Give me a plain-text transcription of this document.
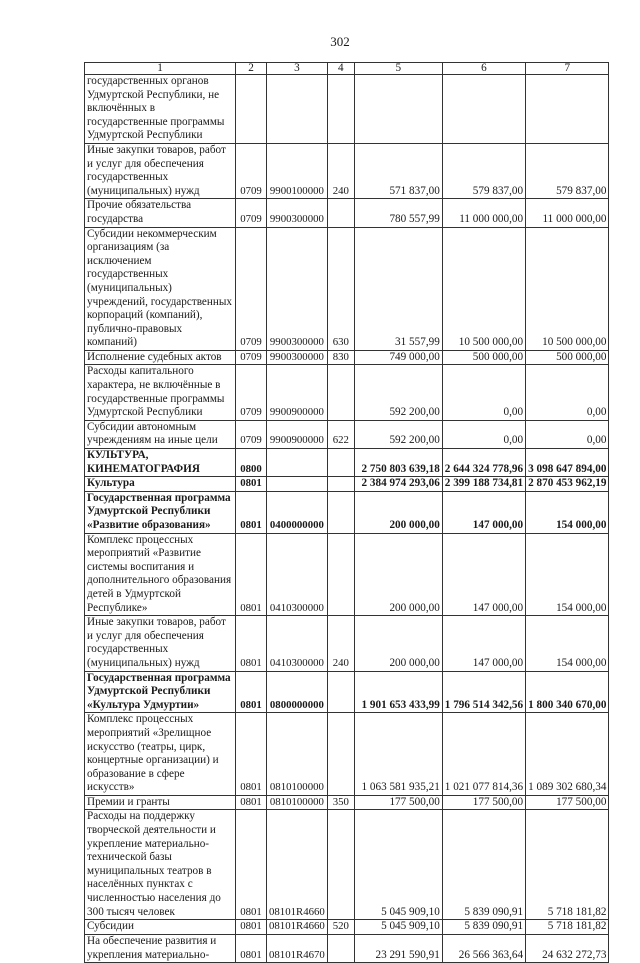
302
1	2	3	4	5	6	7
государственных органов Удмуртской Республики, не включённых в государственные программы Удмуртской Республики						
Иные закупки товаров, работ и услуг для обеспечения государственных (муниципальных) нужд	0709	9900100000	240	571 837,00	579 837,00	579 837,00
Прочие обязательства государства	0709	9900300000		780 557,99	11 000 000,00	11 000 000,00
Субсидии некоммерческим организациям (за исключением государственных (муниципальных) учреждений, государственных корпораций (компаний), публично-правовых компаний)	0709	9900300000	630	31 557,99	10 500 000,00	10 500 000,00
Исполнение судебных актов	0709	9900300000	830	749 000,00	500 000,00	500 000,00
Расходы капитального характера, не включённые в государственные программы Удмуртской Республики	0709	9900900000		592 200,00	0,00	0,00
Субсидии автономным учреждениям на иные цели	0709	9900900000	622	592 200,00	0,00	0,00
КУЛЬТУРА, КИНЕМАТОГРАФИЯ	0800			2 750 803 639,18	2 644 324 778,96	3 098 647 894,00
Культура	0801			2 384 974 293,06	2 399 188 734,81	2 870 453 962,19
Государственная программа Удмуртской Республики «Развитие образования»	0801	0400000000		200 000,00	147 000,00	154 000,00
Комплекс процессных мероприятий «Развитие системы воспитания и дополнительного образования детей в Удмуртской Республике»	0801	0410300000		200 000,00	147 000,00	154 000,00
Иные закупки товаров, работ и услуг для обеспечения государственных (муниципальных) нужд	0801	0410300000	240	200 000,00	147 000,00	154 000,00
Государственная программа Удмуртской Республики «Культура Удмуртии»	0801	0800000000		1 901 653 433,99	1 796 514 342,56	1 800 340 670,00
Комплекс процессных мероприятий «Зрелищное искусство (театры, цирк, концертные организации) и образование в сфере искусств»	0801	0810100000		1 063 581 935,21	1 021 077 814,36	1 089 302 680,34
Премии и гранты	0801	0810100000	350	177 500,00	177 500,00	177 500,00
Расходы на поддержку творческой деятельности и укрепление материально-технической базы муниципальных театров в населённых пунктах с численностью населения до 300 тысяч человек	0801	08101R4660		5 045 909,10	5 839 090,91	5 718 181,82
Субсидии	0801	08101R4660	520	5 045 909,10	5 839 090,91	5 718 181,82
На обеспечение развития и укрепления материально-	0801	08101R4670		23 291 590,91	26 566 363,64	24 632 272,73
